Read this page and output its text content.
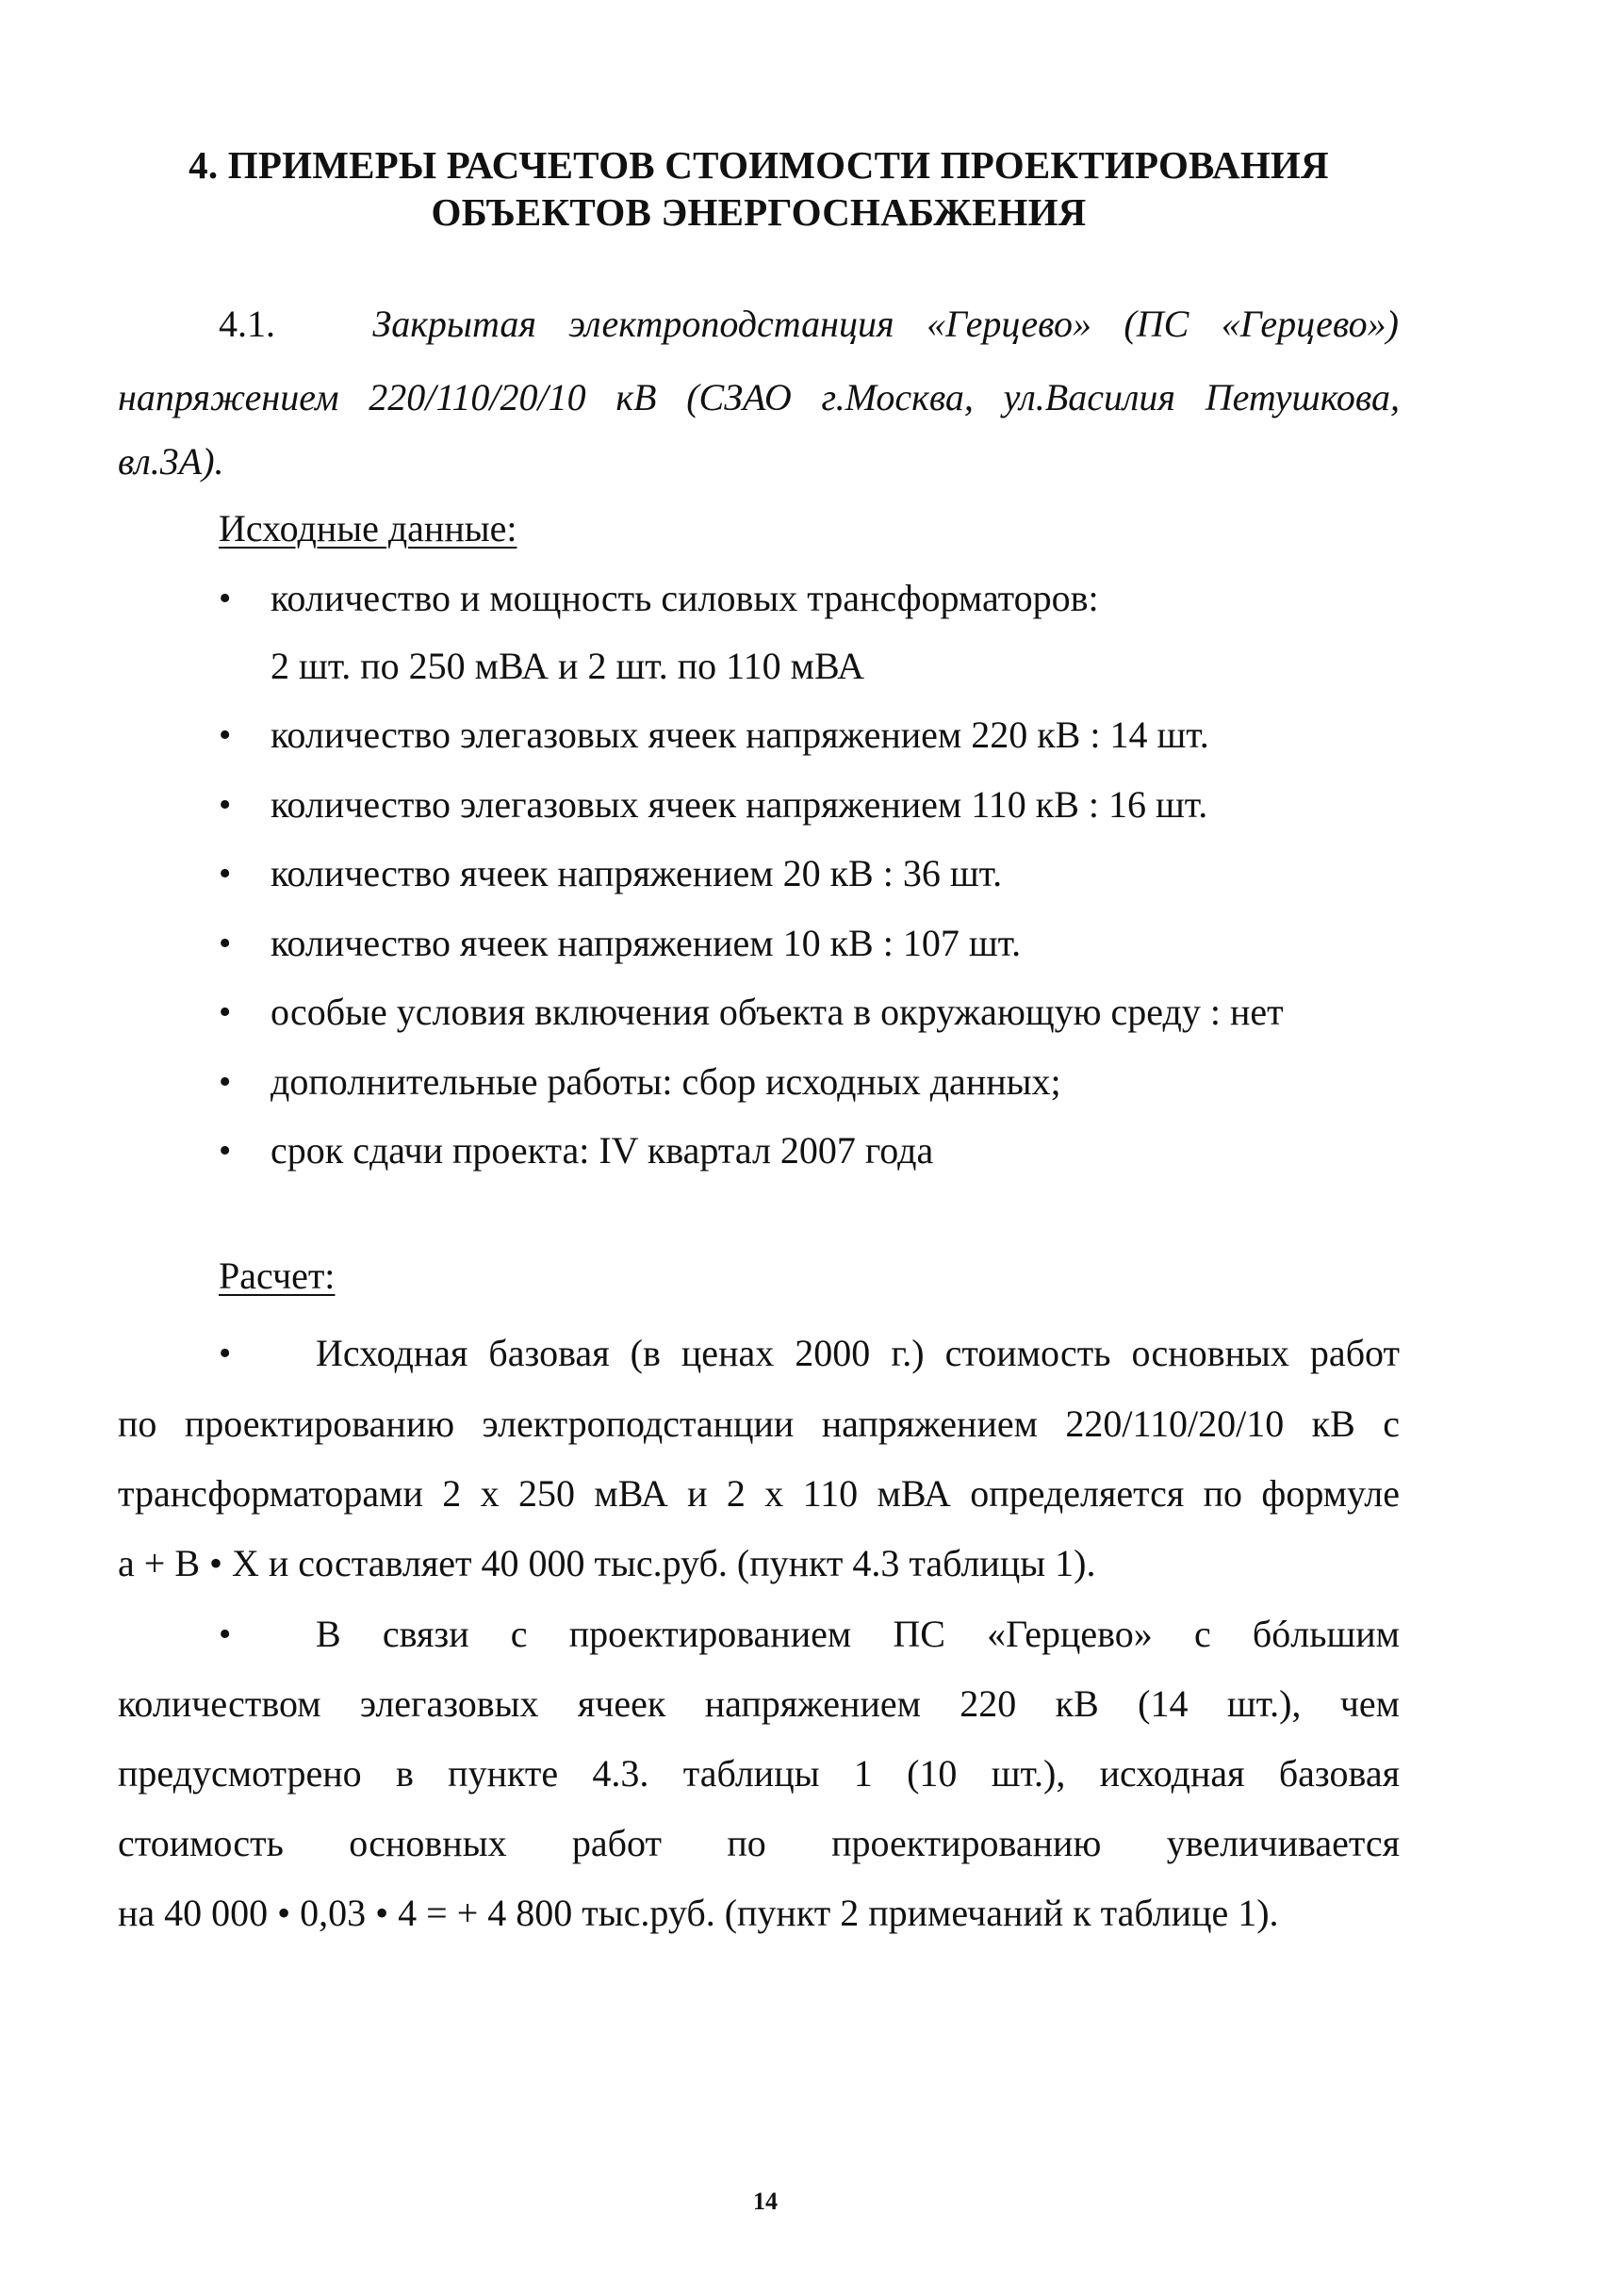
4. ПРИМЕРЫ РАСЧЕТОВ СТОИМОСТИ ПРОЕКТИРОВАНИЯ
ОБЪЕКТОВ ЭНЕРГОСНАБЖЕНИЯ
4.1.	Закрытая электроподстанция «Герцево» (ПС «Герцево»)
напряжением 220/110/20/10 кВ (СЗАО г.Москва, ул.Василия Петушкова,
вл.3А).
Исходные данные:
• количество и мощность силовых трансформаторов:
2 шт. по 250 мВА и 2 шт. по 110 мВА
• количество элегазовых ячеек напряжением 220 кВ : 14 шт.
• количество элегазовых ячеек напряжением 110 кВ : 16 шт.
• количество ячеек напряжением 20 кВ : 36 шт.
• количество ячеек напряжением 10 кВ : 107 шт.
• особые условия включения объекта в окружающую среду : нет
• дополнительные работы: сбор исходных данных;
• срок сдачи проекта: IV квартал 2007 года
Расчет:
• Исходная базовая (в ценах 2000 г.) стоимость основных работ
по проектированию электроподстанции напряжением 220/110/20/10 кВ с
трансформаторами 2 х 250 мВА и 2 х 110 мВА определяется по формуле
а + В • Х и составляет 40 000 тыс.руб. (пункт 4.3 таблицы 1).
• В связи с проектированием ПС «Герцево» с бóльшим
количеством элегазовых ячеек напряжением 220 кВ (14 шт.), чем
предусмотрено в пункте 4.3. таблицы 1 (10 шт.), исходная базовая
стоимость основных работ по проектированию увеличивается
на 40 000 • 0,03 • 4 = + 4 800 тыс.руб. (пункт 2 примечаний к таблице 1).
14
